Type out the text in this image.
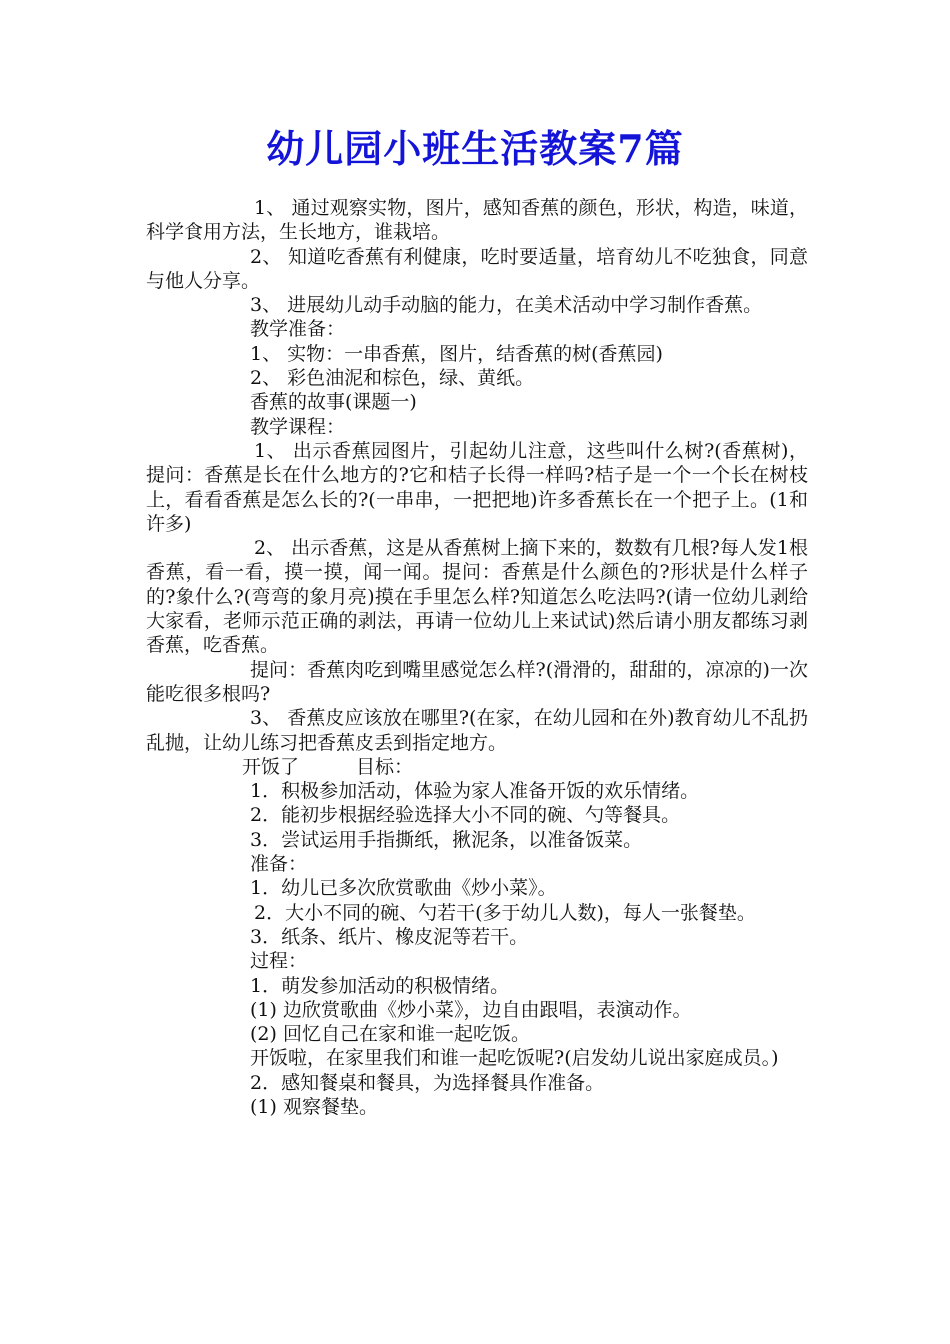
幼儿园小班生活教案7篇

1、 通过观察实物，图片，感知香蕉的颜色，形状，构造，味道，科学食用方法，生长地方，谁栽培。

2、 知道吃香蕉有利健康，吃时要适量，培育幼儿不吃独食，同意与他人分享。

3、 进展幼儿动手动脑的能力，在美术活动中学习制作香蕉。

教学准备：

1、 实物：一串香蕉，图片，结香蕉的树(香蕉园)

2、 彩色油泥和棕色，绿、黄纸。

香蕉的故事(课题一)

教学课程：

1、 出示香蕉园图片，引起幼儿注意，这些叫什么树?(香蕉树)，提问：香蕉是长在什么地方的?它和桔子长得一样吗?桔子是一个一个长在树枝上，看看香蕉是怎么长的?(一串串，一把把地)许多香蕉长在一个把子上。(1和许多)

2、 出示香蕉，这是从香蕉树上摘下来的，数数有几根?每人发1根香蕉，看一看，摸一摸，闻一闻。提问：香蕉是什么颜色的?形状是什么样子的?象什么?(弯弯的象月亮)摸在手里怎么样?知道怎么吃法吗?(请一位幼儿剥给大家看，老师示范正确的剥法，再请一位幼儿上来试试)然后请小朋友都练习剥香蕉，吃香蕉。

提问：香蕉肉吃到嘴里感觉怎么样?(滑滑的，甜甜的，凉凉的)一次能吃很多根吗?

3、 香蕉皮应该放在哪里?(在家，在幼儿园和在外)教育幼儿不乱扔乱抛，让幼儿练习把香蕉皮丢到指定地方。

开饭了　　　目标：

1．积极参加活动，体验为家人准备开饭的欢乐情绪。

2．能初步根据经验选择大小不同的碗、勺等餐具。

3．尝试运用手指撕纸，揪泥条，以准备饭菜。

准备：

1．幼儿已多次欣赏歌曲《炒小菜》。

2．大小不同的碗、勺若干(多于幼儿人数)，每人一张餐垫。

3．纸条、纸片、橡皮泥等若干。

过程：

1．萌发参加活动的积极情绪。

(1) 边欣赏歌曲《炒小菜》，边自由跟唱，表演动作。

(2) 回忆自己在家和谁一起吃饭。

开饭啦，在家里我们和谁一起吃饭呢?(启发幼儿说出家庭成员。)

2．感知餐桌和餐具，为选择餐具作准备。

(1) 观察餐垫。
